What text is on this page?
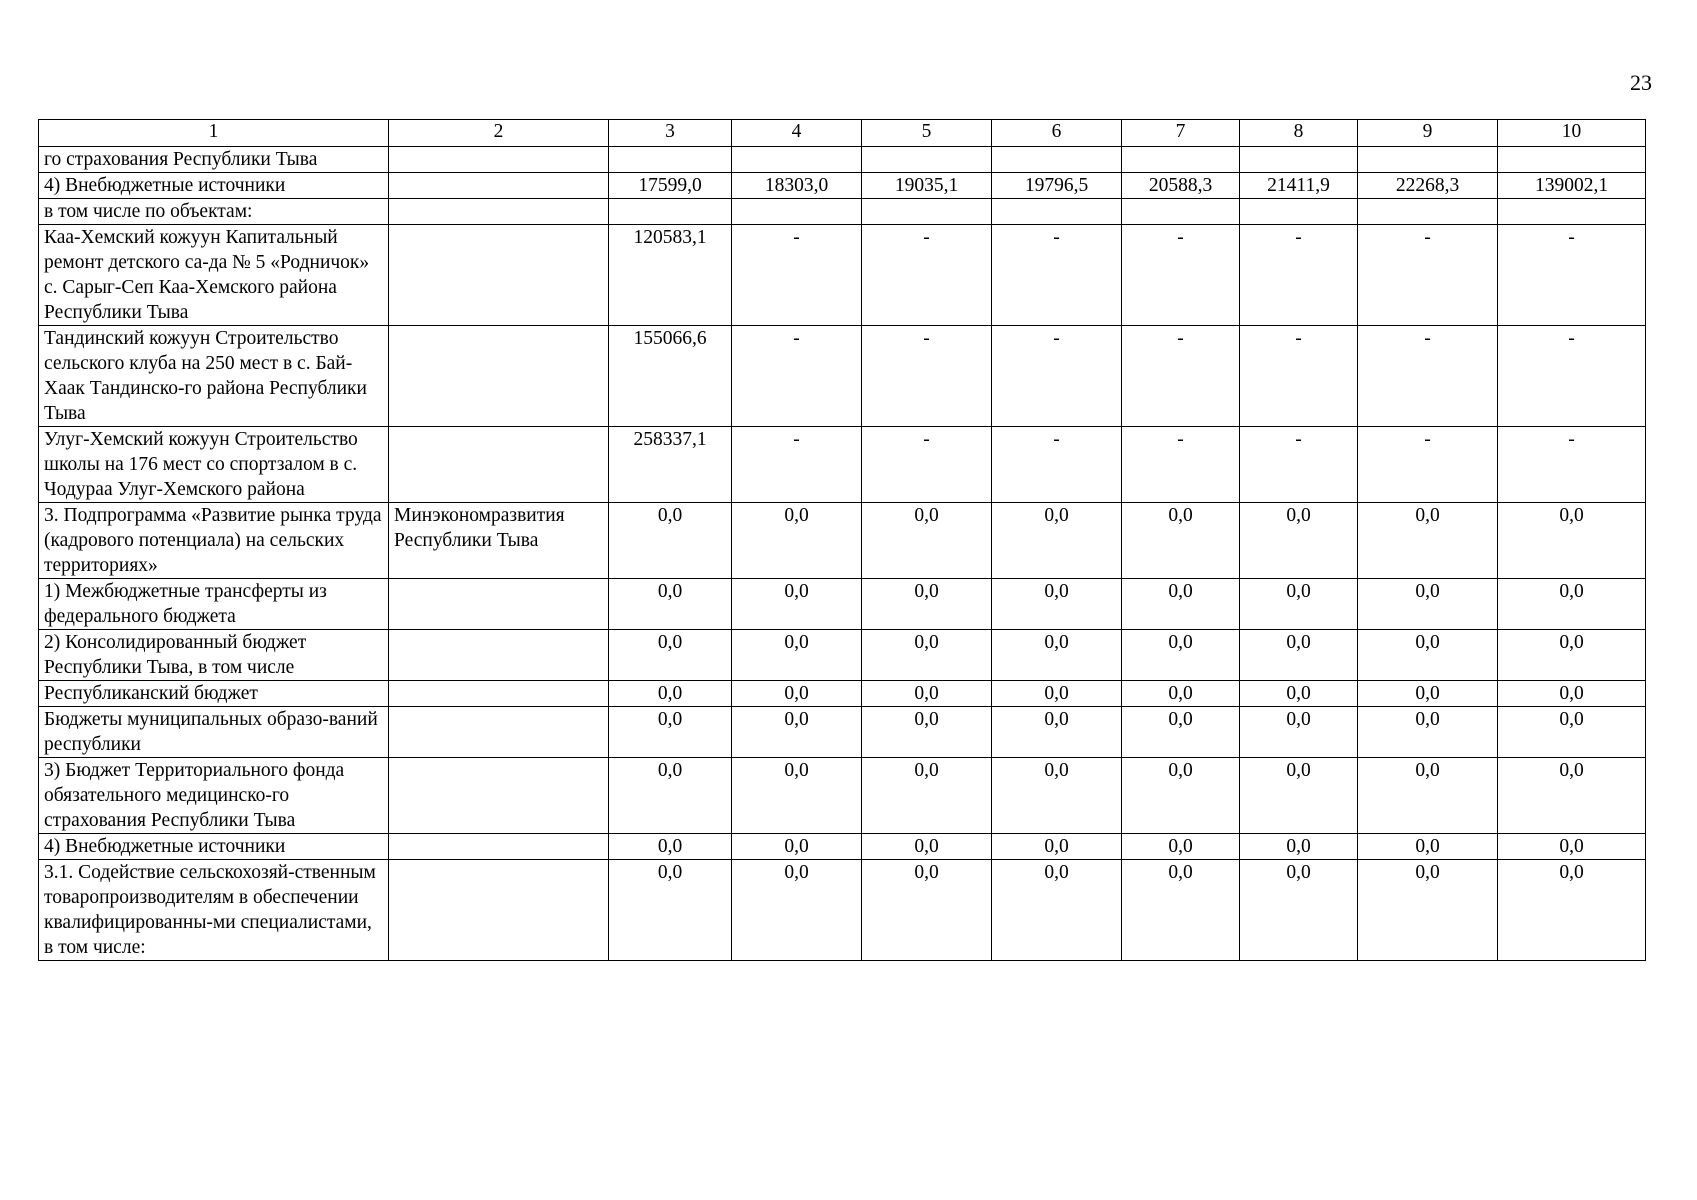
23
1	2	3	4	5	6	7	8	9	10
го страхования Республики Тыва									
4) Внебюджетные источники		17599,0	18303,0	19035,1	19796,5	20588,3	21411,9	22268,3	139002,1
в том числе по объектам:									
Каа-Хемский кожуун Капитальный ремонт детского са-да № 5 «Родничок» с. Сарыг-Сеп Каа-Хемского района Республики Тыва		120583,1	-	-	-	-	-	-	-
Тандинский кожуун Строительство сельского клуба на 250 мест в с. Бай-Хаак Тандинско-го района Республики Тыва		155066,6	-	-	-	-	-	-	-
Улуг-Хемский кожуун Строительство школы на 176 мест со спортзалом в с. Чодураа Улуг-Хемского района		258337,1	-	-	-	-	-	-	-
3. Подпрограмма «Развитие рынка труда (кадрового потенциала) на сельских территориях»	Минэкономразвития Республики Тыва	0,0	0,0	0,0	0,0	0,0	0,0	0,0	0,0
1) Межбюджетные трансферты из федерального бюджета		0,0	0,0	0,0	0,0	0,0	0,0	0,0	0,0
2) Консолидированный бюджет Республики Тыва, в том числе		0,0	0,0	0,0	0,0	0,0	0,0	0,0	0,0
Республиканский бюджет		0,0	0,0	0,0	0,0	0,0	0,0	0,0	0,0
Бюджеты муниципальных образо-ваний республики		0,0	0,0	0,0	0,0	0,0	0,0	0,0	0,0
3) Бюджет Территориального фонда обязательного медицинско-го страхования Республики Тыва		0,0	0,0	0,0	0,0	0,0	0,0	0,0	0,0
4) Внебюджетные источники		0,0	0,0	0,0	0,0	0,0	0,0	0,0	0,0
3.1. Содействие сельскохозяй-ственным товаропроизводителям в обеспечении квалифицированны-ми специалистами, в том числе:		0,0	0,0	0,0	0,0	0,0	0,0	0,0	0,0
